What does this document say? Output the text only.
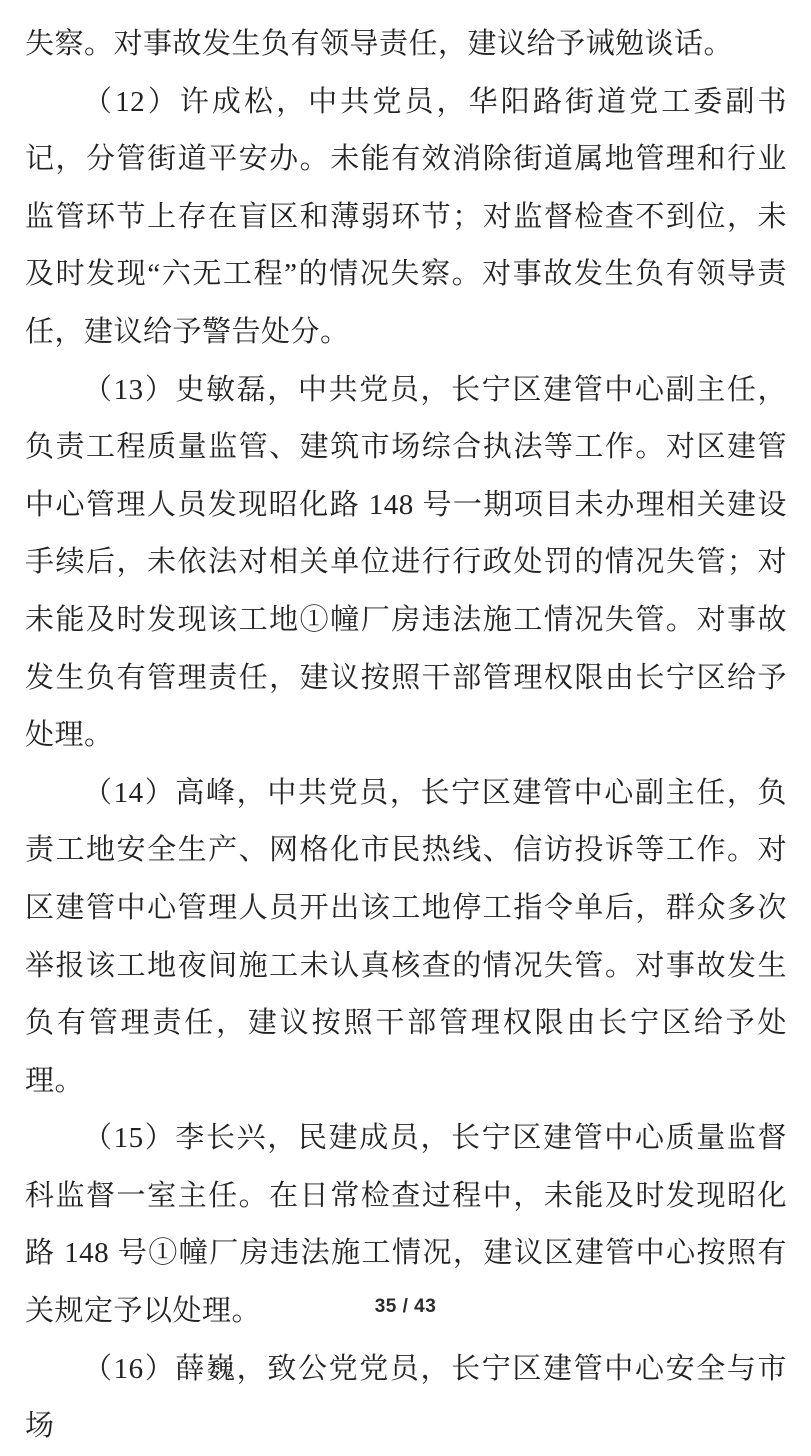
失察。对事故发生负有领导责任，建议给予诫勉谈话。

（12）许成松，中共党员，华阳路街道党工委副书记，分管街道平安办。未能有效消除街道属地管理和行业监管环节上存在盲区和薄弱环节；对监督检查不到位，未及时发现“六无工程”的情况失察。对事故发生负有领导责任，建议给予警告处分。

（13）史敏磊，中共党员，长宁区建管中心副主任，负责工程质量监管、建筑市场综合执法等工作。对区建管中心管理人员发现昭化路 148 号一期项目未办理相关建设手续后，未依法对相关单位进行行政处罚的情况失管；对未能及时发现该工地①幢厂房违法施工情况失管。对事故发生负有管理责任，建议按照干部管理权限由长宁区给予处理。

（14）高峰，中共党员，长宁区建管中心副主任，负责工地安全生产、网格化市民热线、信访投诉等工作。对区建管中心管理人员开出该工地停工指令单后，群众多次举报该工地夜间施工未认真核查的情况失管。对事故发生负有管理责任，建议按照干部管理权限由长宁区给予处理。

（15）李长兴，民建成员，长宁区建管中心质量监督科监督一室主任。在日常检查过程中，未能及时发现昭化路 148 号①幢厂房违法施工情况，建议区建管中心按照有关规定予以处理。

（16）薛巍，致公党党员，长宁区建管中心安全与市场

35 / 43
